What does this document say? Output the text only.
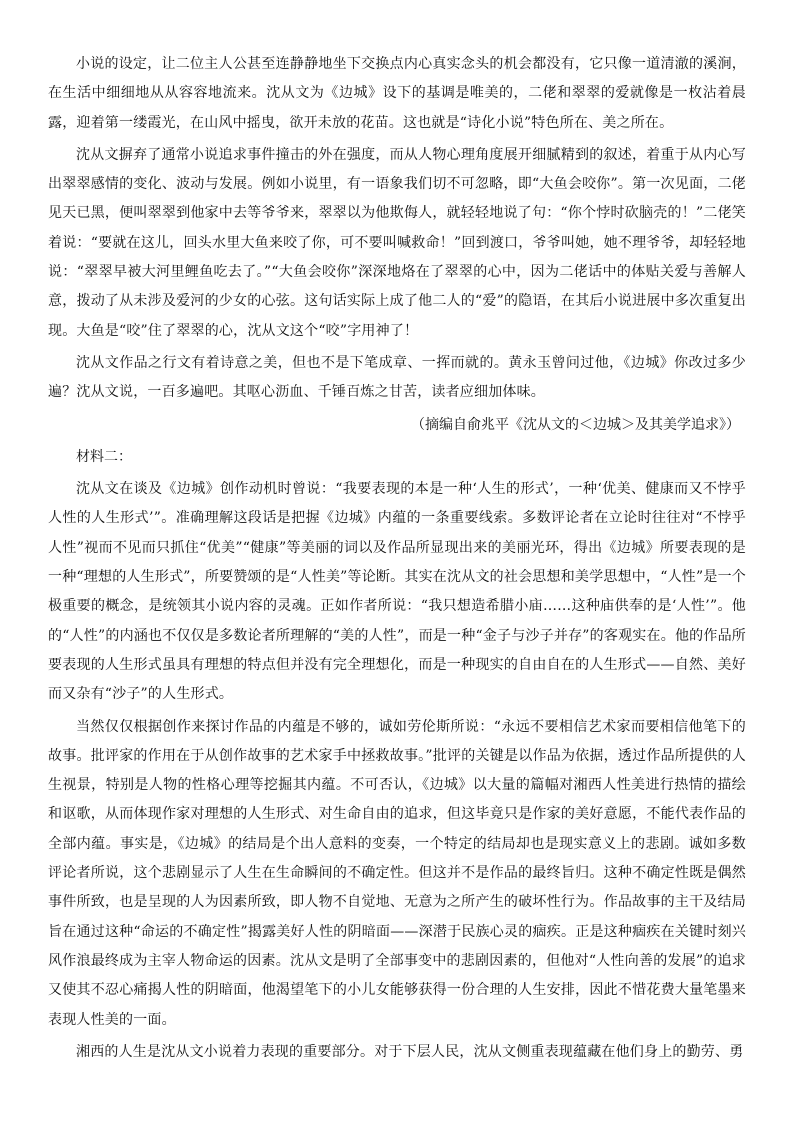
小说的设定，让二位主人公甚至连静静地坐下交换点内心真实念头的机会都没有，它只像一道清澈的溪涧，在生活中细细地从从容容地流来。沈从文为《边城》设下的基调是唯美的，二佬和翠翠的爱就像是一枚沾着晨露，迎着第一缕霞光，在山风中摇曳，欲开未放的花苗。这也就是“诗化小说”特色所在、美之所在。

沈从文摒弃了通常小说追求事件撞击的外在强度，而从人物心理角度展开细腻精到的叙述，着重于从内心写出翠翠感情的变化、波动与发展。例如小说里，有一语象我们切不可忽略，即“大鱼会咬你”。第一次见面，二佬见天已黑，便叫翠翠到他家中去等爷爷来，翠翠以为他欺侮人，就轻轻地说了句：“你个悖时砍脑壳的！”二佬笑着说：“要就在这儿，回头水里大鱼来咬了你，可不要叫喊救命！”回到渡口，爷爷叫她，她不理爷爷，却轻轻地说：“翠翠早被大河里鲤鱼吃去了。”“大鱼会咬你”深深地烙在了翠翠的心中，因为二佬话中的体贴关爱与善解人意，拨动了从未涉及爱河的少女的心弦。这句话实际上成了他二人的“爱”的隐语，在其后小说进展中多次重复出现。大鱼是“咬”住了翠翠的心，沈从文这个“咬”字用神了！

沈从文作品之行文有着诗意之美，但也不是下笔成章、一挥而就的。黄永玉曾问过他，《边城》你改过多少遍？沈从文说，一百多遍吧。其呕心沥血、千锤百炼之甘苦，读者应细加体味。

（摘编自俞兆平《沈从文的＜边城＞及其美学追求》）

材料二：

沈从文在谈及《边城》创作动机时曾说：“我要表现的本是一种‘人生的形式’，一种‘优美、健康而又不悖乎人性的人生形式’”。准确理解这段话是把握《边城》内蕴的一条重要线索。多数评论者在立论时往往对“不悖乎人性”视而不见而只抓住“优美”“健康”等美丽的词以及作品所显现出来的美丽光环，得出《边城》所要表现的是一种“理想的人生形式”，所要赞颂的是“人性美”等论断。其实在沈从文的社会思想和美学思想中，“人性”是一个极重要的概念，是统领其小说内容的灵魂。正如作者所说：“我只想造希腊小庙……这种庙供奉的是‘人性’”。他的“人性”的内涵也不仅仅是多数论者所理解的“美的人性”，而是一种“金子与沙子并存”的客观实在。他的作品所要表现的人生形式虽具有理想的特点但并没有完全理想化，而是一种现实的自由自在的人生形式——自然、美好而又杂有“沙子”的人生形式。

当然仅仅根据创作来探讨作品的内蕴是不够的，诚如劳伦斯所说：“永远不要相信艺术家而要相信他笔下的故事。批评家的作用在于从创作故事的艺术家手中拯救故事。”批评的关键是以作品为依据，透过作品所提供的人生视景，特别是人物的性格心理等挖掘其内蕴。不可否认，《边城》以大量的篇幅对湘西人性美进行热情的描绘和讴歌，从而体现作家对理想的人生形式、对生命自由的追求，但这毕竟只是作家的美好意愿，不能代表作品的全部内蕴。事实是，《边城》的结局是个出人意料的变奏，一个特定的结局却也是现实意义上的悲剧。诚如多数评论者所说，这个悲剧显示了人生在生命瞬间的不确定性。但这并不是作品的最终旨归。这种不确定性既是偶然事件所致，也是呈现的人为因素所致，即人物不自觉地、无意为之所产生的破坏性行为。作品故事的主干及结局旨在通过这种“命运的不确定性”揭露美好人性的阴暗面——深潜于民族心灵的痼疾。正是这种痼疾在关键时刻兴风作浪最终成为主宰人物命运的因素。沈从文是明了全部事变中的悲剧因素的，但他对“人性向善的发展”的追求又使其不忍心痛揭人性的阴暗面，他渴望笔下的小儿女能够获得一份合理的人生安排，因此不惜花费大量笔墨来表现人性美的一面。

湘西的人生是沈从文小说着力表现的重要部分。对于下层人民，沈从文侧重表现蕴藏在他们身上的勤劳、勇
